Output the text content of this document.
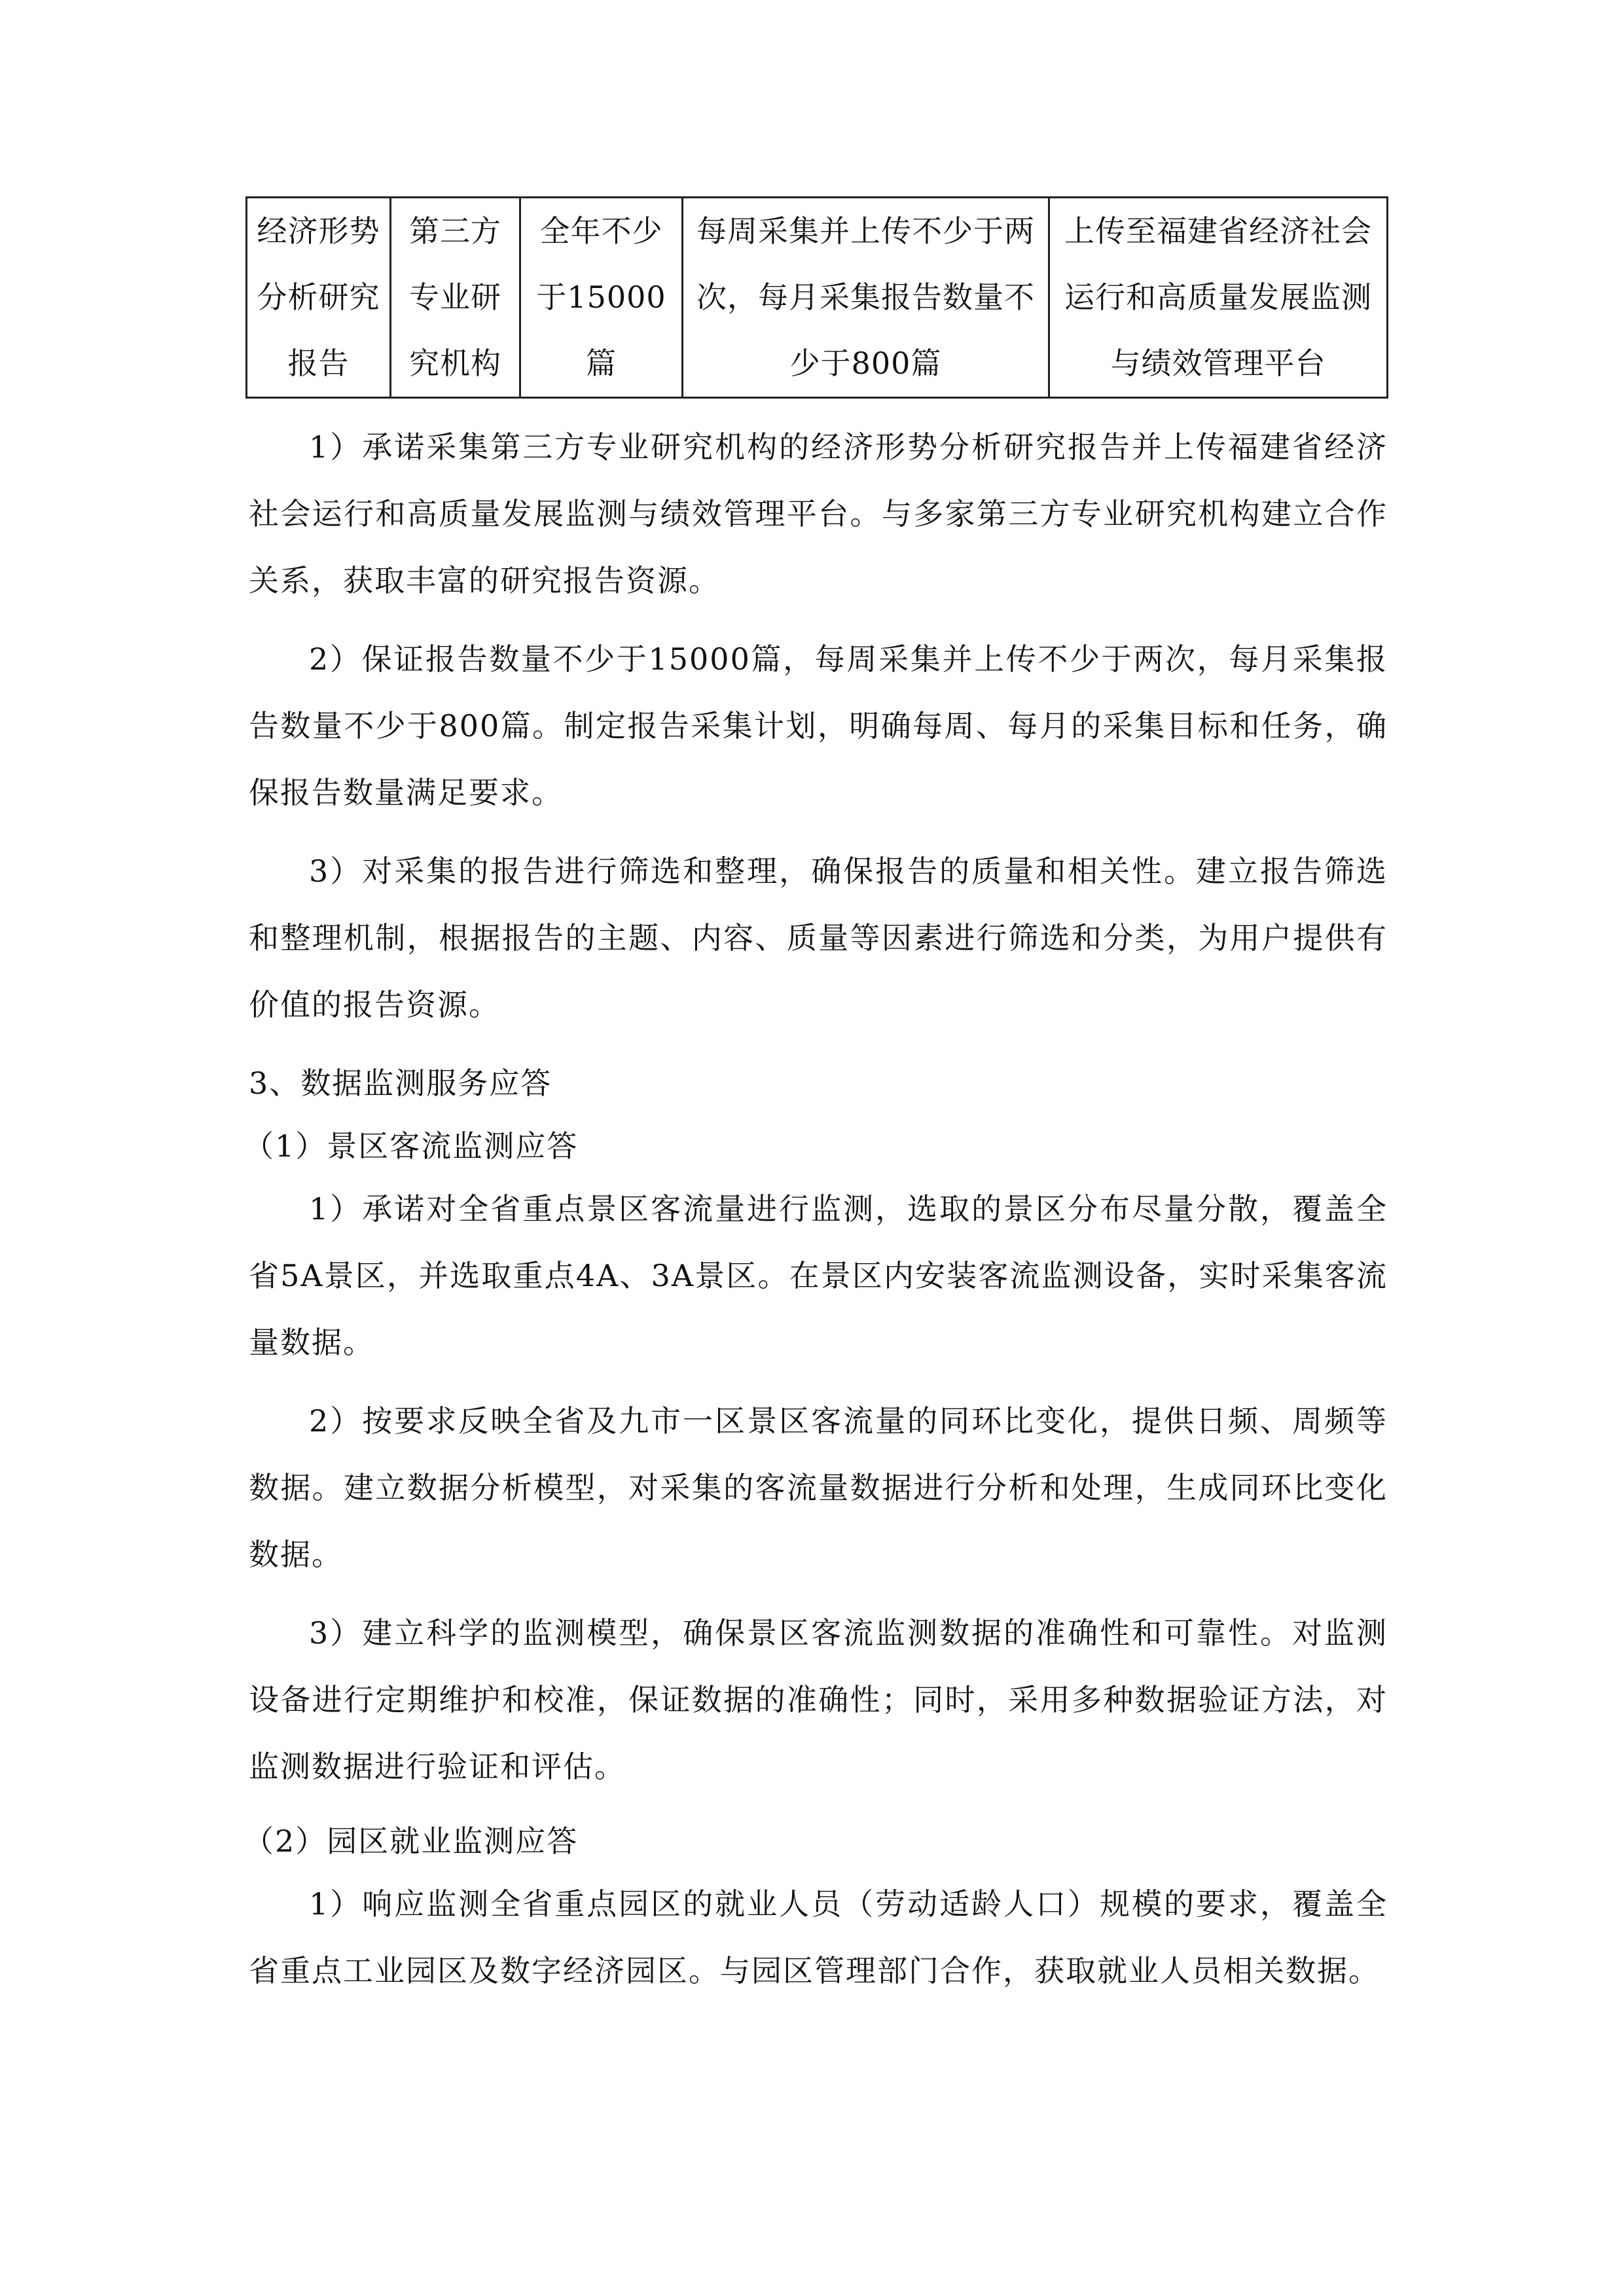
经济形势分析研究报告	第三方专业研究机构	全年不少于15000篇	每周采集并上传不少于两次，每月采集报告数量不少于800篇	上传至福建省经济社会运行和高质量发展监测与绩效管理平台

1）承诺采集第三方专业研究机构的经济形势分析研究报告并上传福建省经济社会运行和高质量发展监测与绩效管理平台。与多家第三方专业研究机构建立合作关系，获取丰富的研究报告资源。

2）保证报告数量不少于15000篇，每周采集并上传不少于两次，每月采集报告数量不少于800篇。制定报告采集计划，明确每周、每月的采集目标和任务，确保报告数量满足要求。

3）对采集的报告进行筛选和整理，确保报告的质量和相关性。建立报告筛选和整理机制，根据报告的主题、内容、质量等因素进行筛选和分类，为用户提供有价值的报告资源。

3、数据监测服务应答

（1）景区客流监测应答

1）承诺对全省重点景区客流量进行监测，选取的景区分布尽量分散，覆盖全省5A景区，并选取重点4A、3A景区。在景区内安装客流监测设备，实时采集客流量数据。

2）按要求反映全省及九市一区景区客流量的同环比变化，提供日频、周频等数据。建立数据分析模型，对采集的客流量数据进行分析和处理，生成同环比变化数据。

3）建立科学的监测模型，确保景区客流监测数据的准确性和可靠性。对监测设备进行定期维护和校准，保证数据的准确性；同时，采用多种数据验证方法，对监测数据进行验证和评估。

（2）园区就业监测应答

1）响应监测全省重点园区的就业人员（劳动适龄人口）规模的要求，覆盖全省重点工业园区及数字经济园区。与园区管理部门合作，获取就业人员相关数据。
